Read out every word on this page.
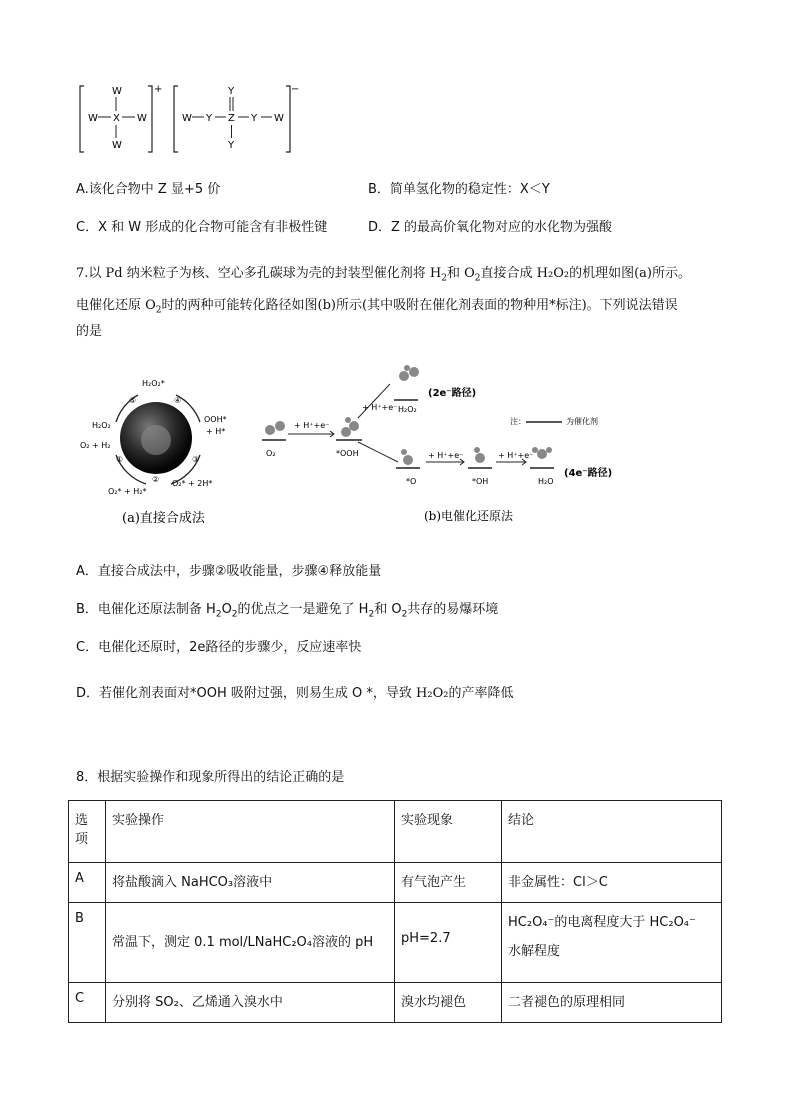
+
W
W X W
W
−
W Y Z Y W
Y
Y
A.该化合物中 Z 显+5 价	B．简单氢化物的稳定性：X＜Y
C．X 和 W 形成的化合物可能含有非极性键	D．Z 的最高价氧化物对应的水化物为强酸
7.以 Pd 纳米粒子为核、空心多孔碳球为壳的封装型催化剂将 $H_2$和 $O_2$直接合成 H₂O₂的机理如图(a)所示。
电催化还原 $O_2$时的两种可能转化路径如图(b)所示(其中吸附在催化剂表面的物种用*标注)。下列说法错误
的是
H₂O₂*
H₂O₂
O₂ + H₂
O₂* + H₂*
O₂* + 2H*
OOH*
+ H*
⑤	④
①
②
③
(a)直接合成法
O₂
+ H⁺+e⁻
*OOH
+ H⁺+e⁻ H₂O₂
(2e⁻路径)
*O
+ H⁺+e⁻
*OH
+ H⁺+e⁻
H₂O
(4e⁻路径)
注：	为催化剂
(b)电催化还原法
A．直接合成法中，步骤②吸收能量，步骤④释放能量
B．电催化还原法制备 $H_2O_2$的优点之一是避免了 $H_2$和 $O_2$共存的易爆环境
C．电催化还原时，2e路径的步骤少，反应速率快
D．若催化剂表面对*OOH 吸附过强，则易生成 O *，导致 H₂O₂的产率降低
8．根据实验操作和现象所得出的结论正确的是
选项	实验操作	实验现象	结论
A	将盐酸滴入 NaHCO₃溶液中	有气泡产生	非金属性：Cl＞C
B	常温下，测定 0.1 mol/LNaHC₂O₄溶液的 pH	pH=2.7	HC₂O₄⁻的电离程度大于 HC₂O₄⁻
水解程度

C	分别将 SO₂、乙烯通入溴水中	溴水均褪色	二者褪色的原理相同
